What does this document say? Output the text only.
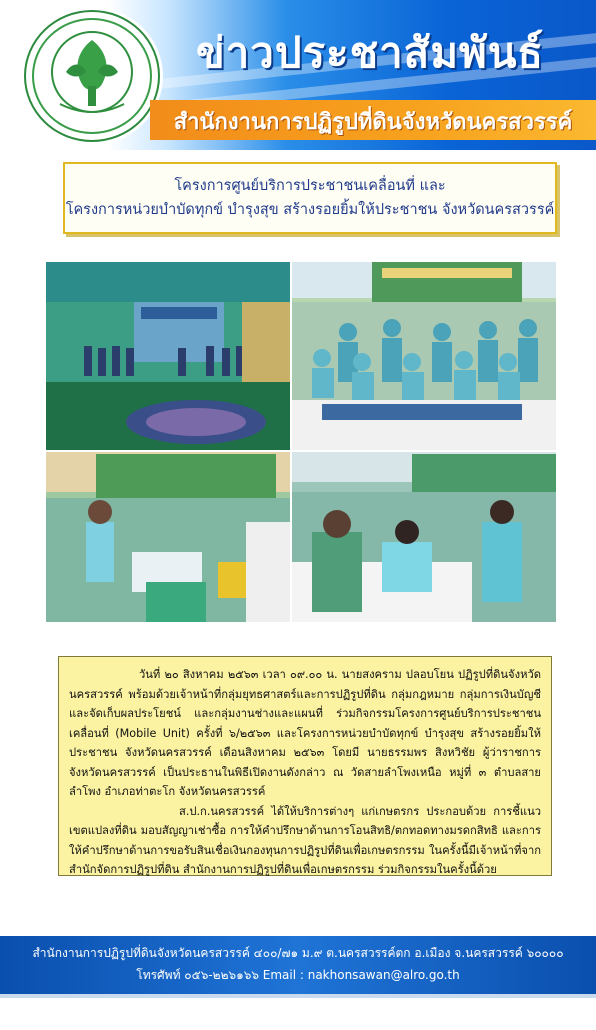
ข่าวประชาสัมพันธ์
สำนักงานการปฏิรูปที่ดินจังหวัดนครสวรรค์
โครงการศูนย์บริการประชาชนเคลื่อนที่ และ
โครงการหน่วยบำบัดทุกข์ บำรุงสุข สร้างรอยยิ้มให้ประชาชน จังหวัดนครสวรรค์

วันที่ ๒๐ สิงหาคม ๒๕๖๓ เวลา ๐๙.๐๐ น. นายสงคราม ปลอบโยน ปฏิรูปที่ดินจังหวัดนครสวรรค์ พร้อมด้วยเจ้าหน้าที่กลุ่มยุทธศาสตร์และการปฏิรูปที่ดิน กลุ่มกฎหมาย กลุ่มการเงินบัญชีและจัดเก็บผลประโยชน์ และกลุ่มงานช่างและแผนที่ ร่วมกิจกรรมโครงการศูนย์บริการประชาชนเคลื่อนที่ (Mobile Unit) ครั้งที่ ๖/๒๕๖๓ และโครงการหน่วยบำบัดทุกข์ บำรุงสุข สร้างรอยยิ้มให้ประชาชน จังหวัดนครสวรรค์ เดือนสิงหาคม ๒๕๖๓ โดยมี นายธรรมพร สิงหวิชัย ผู้ว่าราชการจังหวัดนครสวรรค์ เป็นประธานในพิธีเปิดงานดังกล่าว ณ วัดสายลำโพงเหนือ หมู่ที่ ๓ ตำบลสายลำโพง อำเภอท่าตะโก จังหวัดนครสวรรค์

ส.ป.ก.นครสวรรค์ ได้ให้บริการต่างๆ แก่เกษตรกร ประกอบด้วย การชี้แนวเขตแปลงที่ดิน มอบสัญญาเช่าซื้อ การให้คำปรึกษาด้านการโอนสิทธิ/ตกทอดทางมรดกสิทธิ และการให้คำปรึกษาด้านการขอรับสินเชื่อเงินกองทุนการปฏิรูปที่ดินเพื่อเกษตรกรรม ในครั้งนี้มีเจ้าหน้าที่จากสำนักจัดการปฏิรูปที่ดิน สำนักงานการปฏิรูปที่ดินเพื่อเกษตรกรรม ร่วมกิจกรรมในครั้งนี้ด้วย

สำนักงานการปฏิรูปที่ดินจังหวัดนครสวรรค์ ๔๐๐/๗๑ ม.๙ ต.นครสวรรค์ตก อ.เมือง จ.นครสวรรค์ ๖๐๐๐๐
โทรศัพท์ ๐๕๖-๒๒๖๑๖๖ Email : nakhonsawan@alro.go.th
